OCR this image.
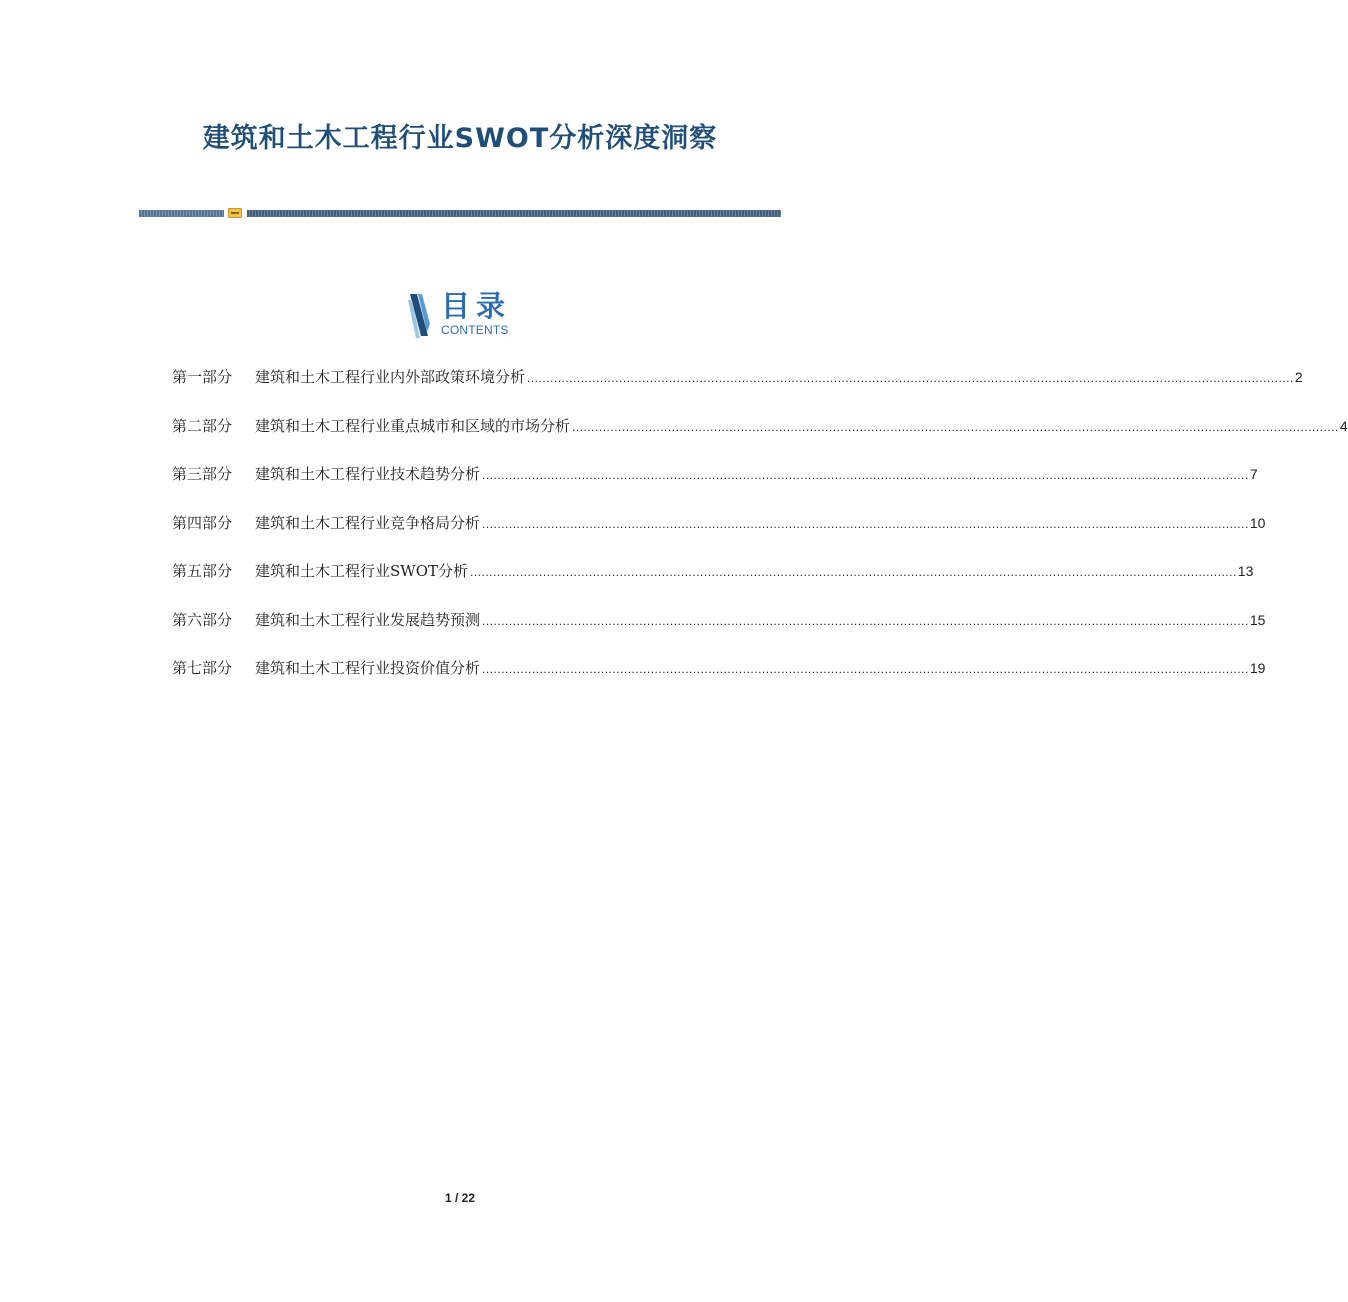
建筑和土木工程行业SWOT分析深度洞察
目录
CONTENTS
第一部分	建筑和土木工程行业内外部政策环境分析 ........................................................................................................................................................................................................ 2
第二部分	建筑和土木工程行业重点城市和区域的市场分析 ........................................................................................................................................................................................................ 4
第三部分	建筑和土木工程行业技术趋势分析 ........................................................................................................................................................................................................ 7
第四部分	建筑和土木工程行业竞争格局分析 ........................................................................................................................................................................................................ 10
第五部分	建筑和土木工程行业SWOT分析 ........................................................................................................................................................................................................ 13
第六部分	建筑和土木工程行业发展趋势预测 ........................................................................................................................................................................................................ 15
第七部分	建筑和土木工程行业投资价值分析 ........................................................................................................................................................................................................ 19
1 / 22
